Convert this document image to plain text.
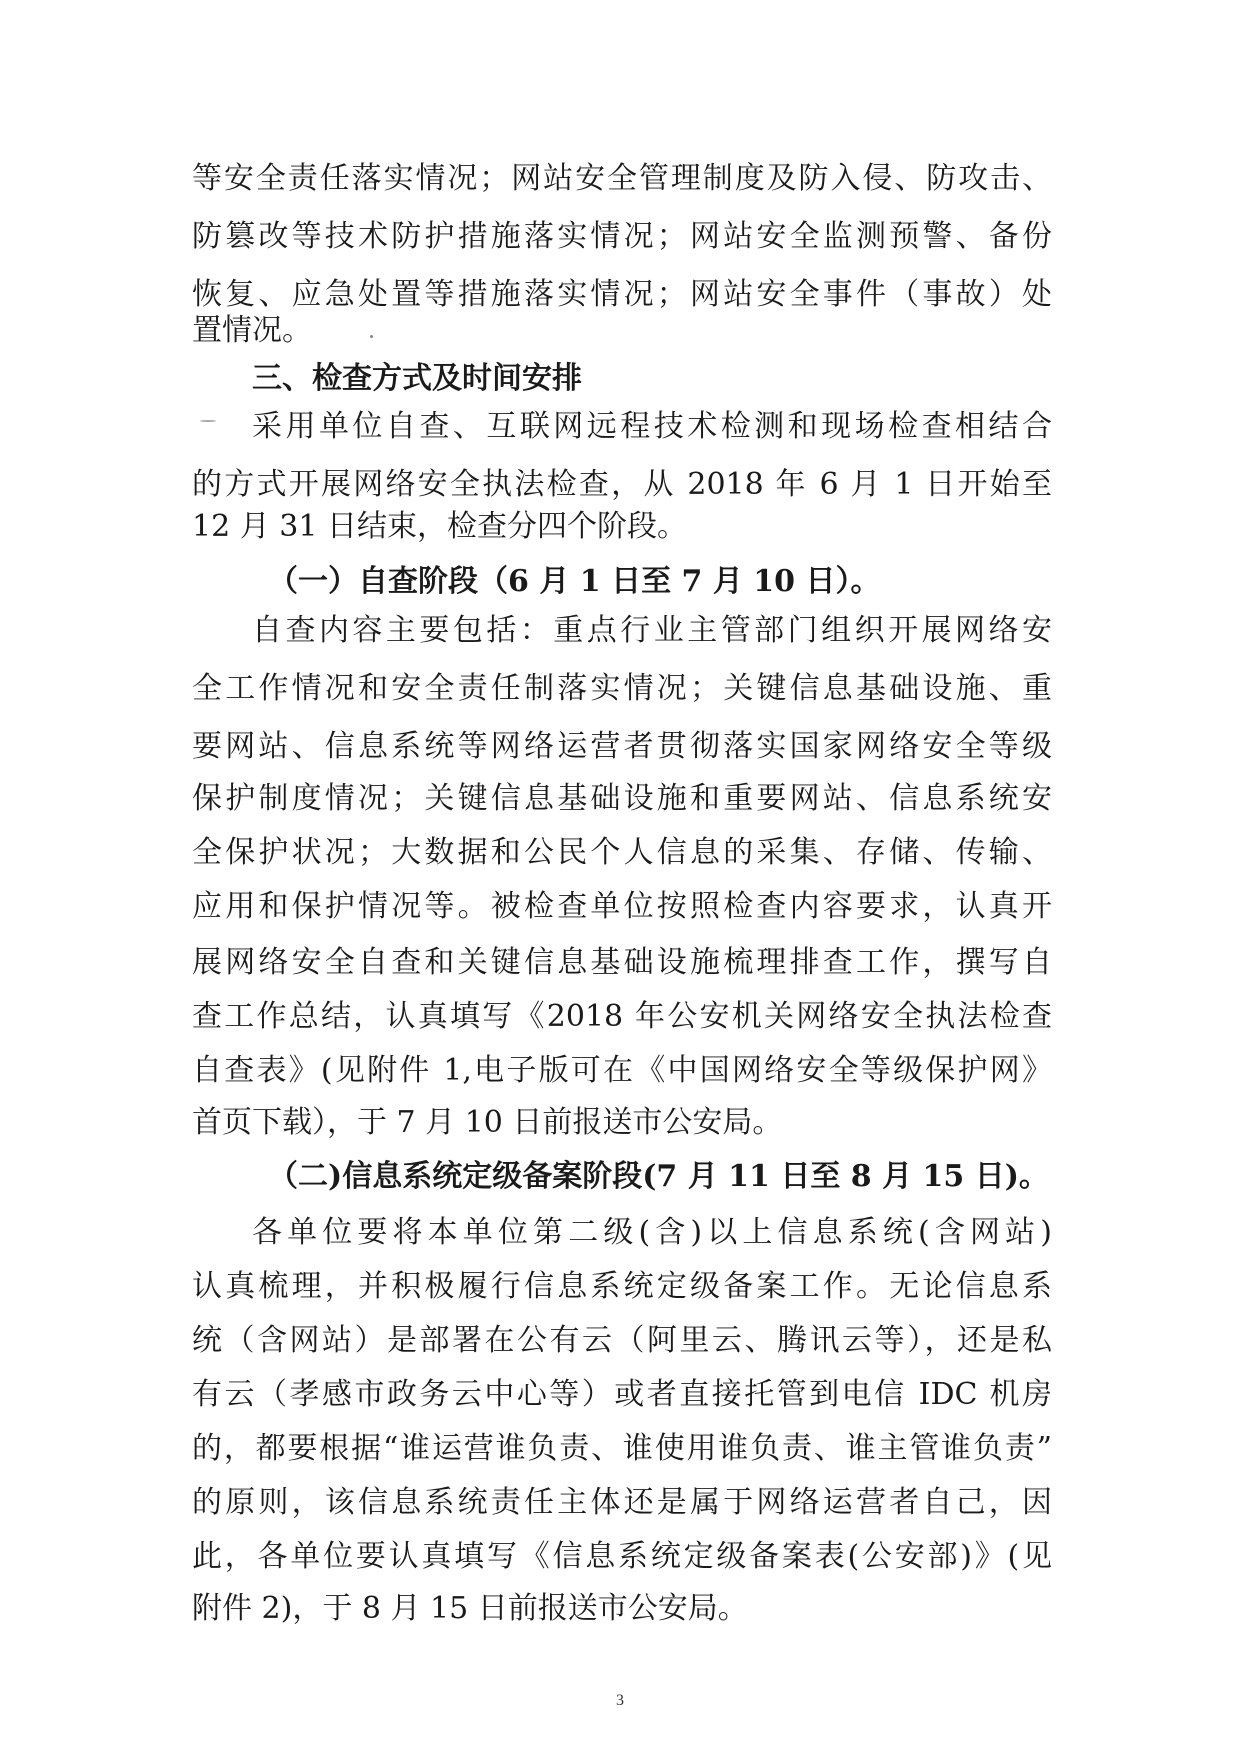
等安全责任落实情况；网站安全管理制度及防入侵、防攻击、
防篡改等技术防护措施落实情况；网站安全监测预警、备份
恢复、应急处置等措施落实情况；网站安全事件（事故）处
置情况。
三、检查方式及时间安排
采用单位自查、互联网远程技术检测和现场检查相结合
的方式开展网络安全执法检查，从 2018 年 6 月 1 日开始至
12 月 31 日结束，检查分四个阶段。
（一）自查阶段（6 月 1 日至 7 月 10 日）。
自查内容主要包括：重点行业主管部门组织开展网络安
全工作情况和安全责任制落实情况；关键信息基础设施、重
要网站、信息系统等网络运营者贯彻落实国家网络安全等级
保护制度情况；关键信息基础设施和重要网站、信息系统安
全保护状况；大数据和公民个人信息的采集、存储、传输、
应用和保护情况等。被检查单位按照检查内容要求，认真开
展网络安全自查和关键信息基础设施梳理排查工作，撰写自
查工作总结，认真填写《2018 年公安机关网络安全执法检查
自查表》(见附件 1,电子版可在《中国网络安全等级保护网》
首页下载），于 7 月 10 日前报送市公安局。
（二)信息系统定级备案阶段(7 月 11 日至 8 月 15 日)。
各单位要将本单位第二级(含)以上信息系统(含网站)
认真梳理，并积极履行信息系统定级备案工作。无论信息系
统（含网站）是部署在公有云（阿里云、腾讯云等），还是私
有云（孝感市政务云中心等）或者直接托管到电信 IDC 机房
的，都要根据“谁运营谁负责、谁使用谁负责、谁主管谁负责”
的原则，该信息系统责任主体还是属于网络运营者自己，因
此，各单位要认真填写《信息系统定级备案表(公安部)》(见
附件 2)，于 8 月 15 日前报送市公安局。

3
